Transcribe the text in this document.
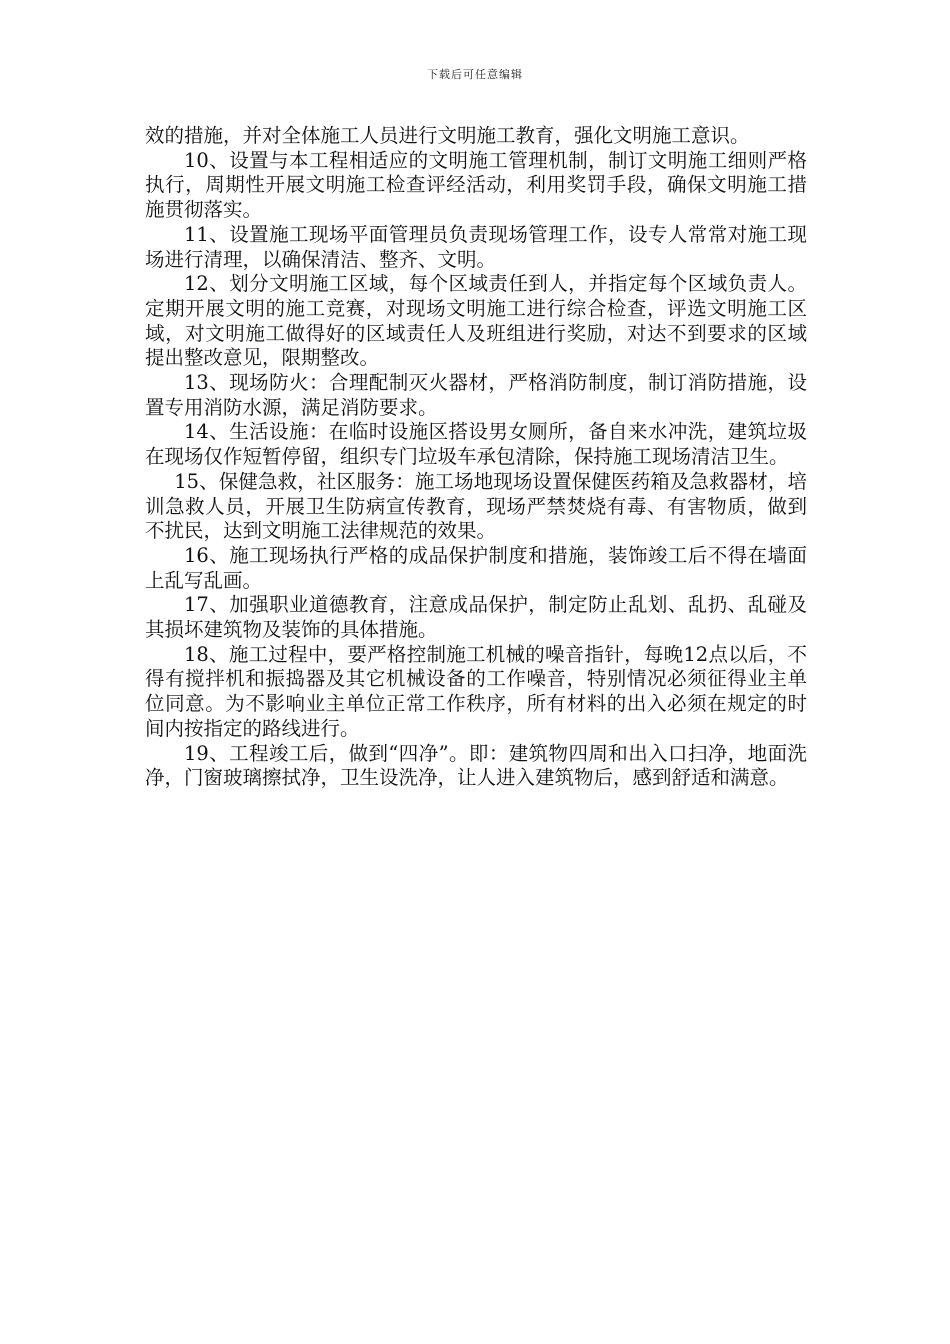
下载后可任意编辑

效的措施，并对全体施工人员进行文明施工教育，强化文明施工意识。

10、设置与本工程相适应的文明施工管理机制，制订文明施工细则严格执行，周期性开展文明施工检查评经活动，利用奖罚手段，确保文明施工措施贯彻落实。

11、设置施工现场平面管理员负责现场管理工作，设专人常常对施工现场进行清理，以确保清洁、整齐、文明。

12、划分文明施工区域，每个区域责任到人，并指定每个区域负责人。定期开展文明的施工竞赛，对现场文明施工进行综合检查，评选文明施工区域，对文明施工做得好的区域责任人及班组进行奖励，对达不到要求的区域提出整改意见，限期整改。

13、现场防火：合理配制灭火器材，严格消防制度，制订消防措施，设置专用消防水源，满足消防要求。

14、生活设施：在临时设施区搭设男女厕所，备自来水冲洗，建筑垃圾在现场仅作短暂停留，组织专门垃圾车承包清除，保持施工现场清洁卫生。

15、保健急救，社区服务：施工场地现场设置保健医药箱及急救器材，培训急救人员，开展卫生防病宣传教育，现场严禁焚烧有毒、有害物质，做到不扰民，达到文明施工法律规范的效果。

16、施工现场执行严格的成品保护制度和措施，装饰竣工后不得在墙面上乱写乱画。

17、加强职业道德教育，注意成品保护，制定防止乱划、乱扔、乱碰及其损坏建筑物及装饰的具体措施。

18、施工过程中，要严格控制施工机械的噪音指针，每晚12点以后，不得有搅拌机和振捣器及其它机械设备的工作噪音，特别情况必须征得业主单位同意。为不影响业主单位正常工作秩序，所有材料的出入必须在规定的时间内按指定的路线进行。

19、工程竣工后，做到“四净”。即：建筑物四周和出入口扫净，地面洗净，门窗玻璃擦拭净，卫生设洗净，让人进入建筑物后，感到舒适和满意。
